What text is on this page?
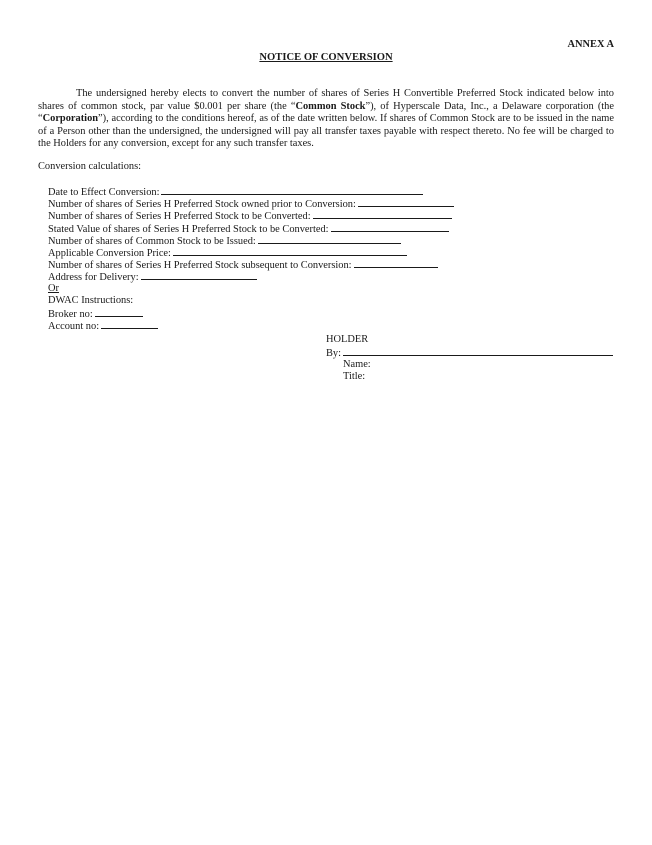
ANNEX A
NOTICE OF CONVERSION
The undersigned hereby elects to convert the number of shares of Series H Convertible Preferred Stock indicated below into shares of common stock, par value $0.001 per share (the “Common Stock”), of Hyperscale Data, Inc., a Delaware corporation (the “Corporation”), according to the conditions hereof, as of the date written below. If shares of Common Stock are to be issued in the name of a Person other than the undersigned, the undersigned will pay all transfer taxes payable with respect thereto. No fee will be charged to the Holders for any conversion, except for any such transfer taxes.
Conversion calculations:
Date to Effect Conversion:
Number of shares of Series H Preferred Stock owned prior to Conversion:
Number of shares of Series H Preferred Stock to be Converted:
Stated Value of shares of Series H Preferred Stock to be Converted:
Number of shares of Common Stock to be Issued:
Applicable Conversion Price:
Number of shares of Series H Preferred Stock subsequent to Conversion:
Address for Delivery:
Or
DWAC Instructions:
Broker no:
Account no:
HOLDER
By:
Name:
Title:
